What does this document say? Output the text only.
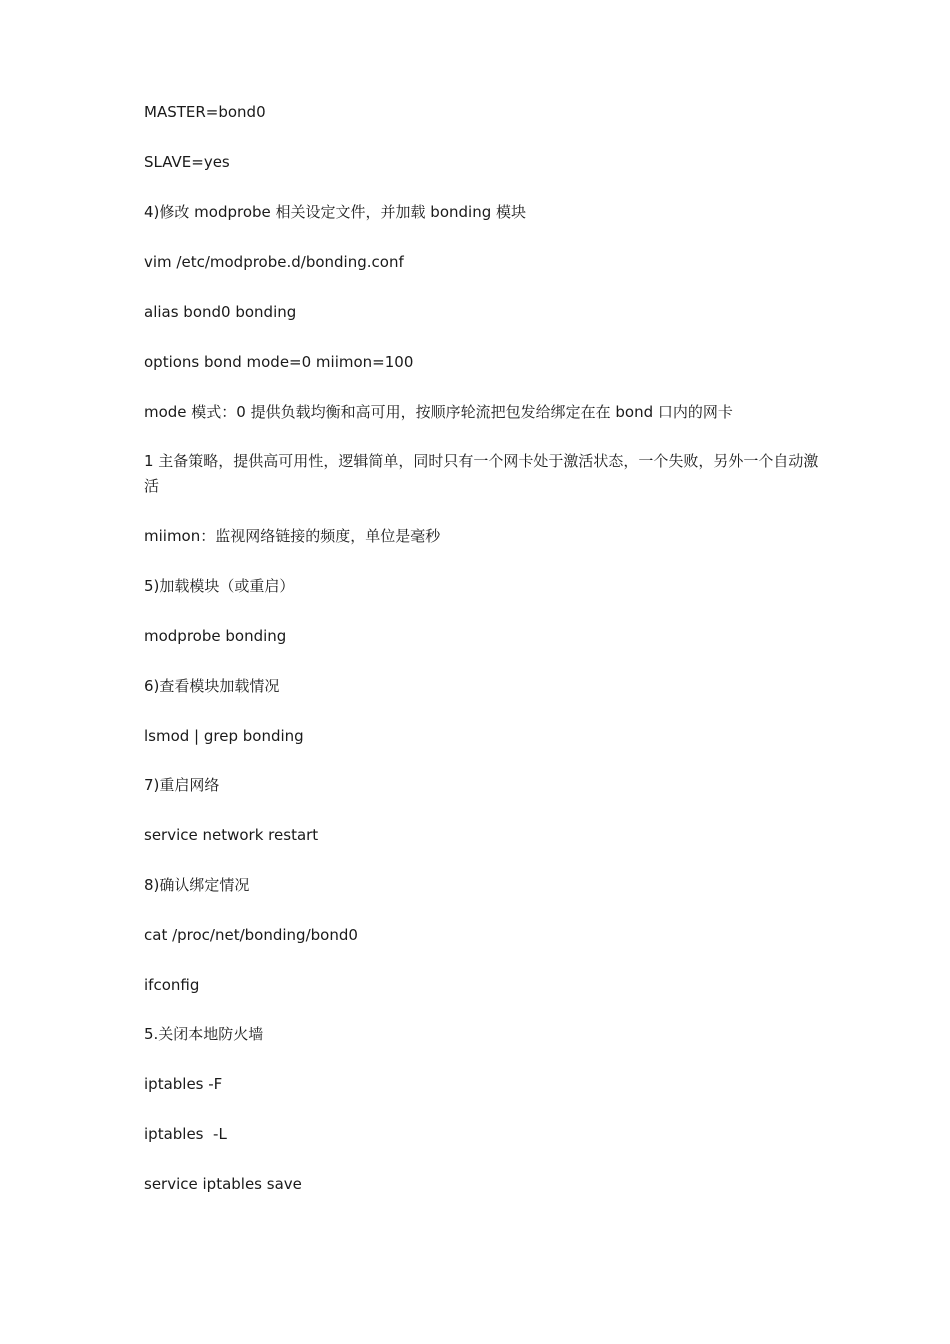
MASTER=bond0

SLAVE=yes

4)修改 modprobe 相关设定文件，并加载 bonding 模块

vim /etc/modprobe.d/bonding.conf

alias bond0 bonding

options bond mode=0 miimon=100

mode 模式：0 提供负载均衡和高可用，按顺序轮流把包发给绑定在在 bond 口内的网卡

1 主备策略，提供高可用性，逻辑简单，同时只有一个网卡处于激活状态，一个失败，另外一个自动激活

miimon：监视网络链接的频度，单位是毫秒

5)加载模块（或重启）

modprobe bonding

6)查看模块加载情况

lsmod | grep bonding

7)重启网络

service network restart

8)确认绑定情况

cat /proc/net/bonding/bond0

ifconfig

5.关闭本地防火墙

iptables -F

iptables  -L

service iptables save
